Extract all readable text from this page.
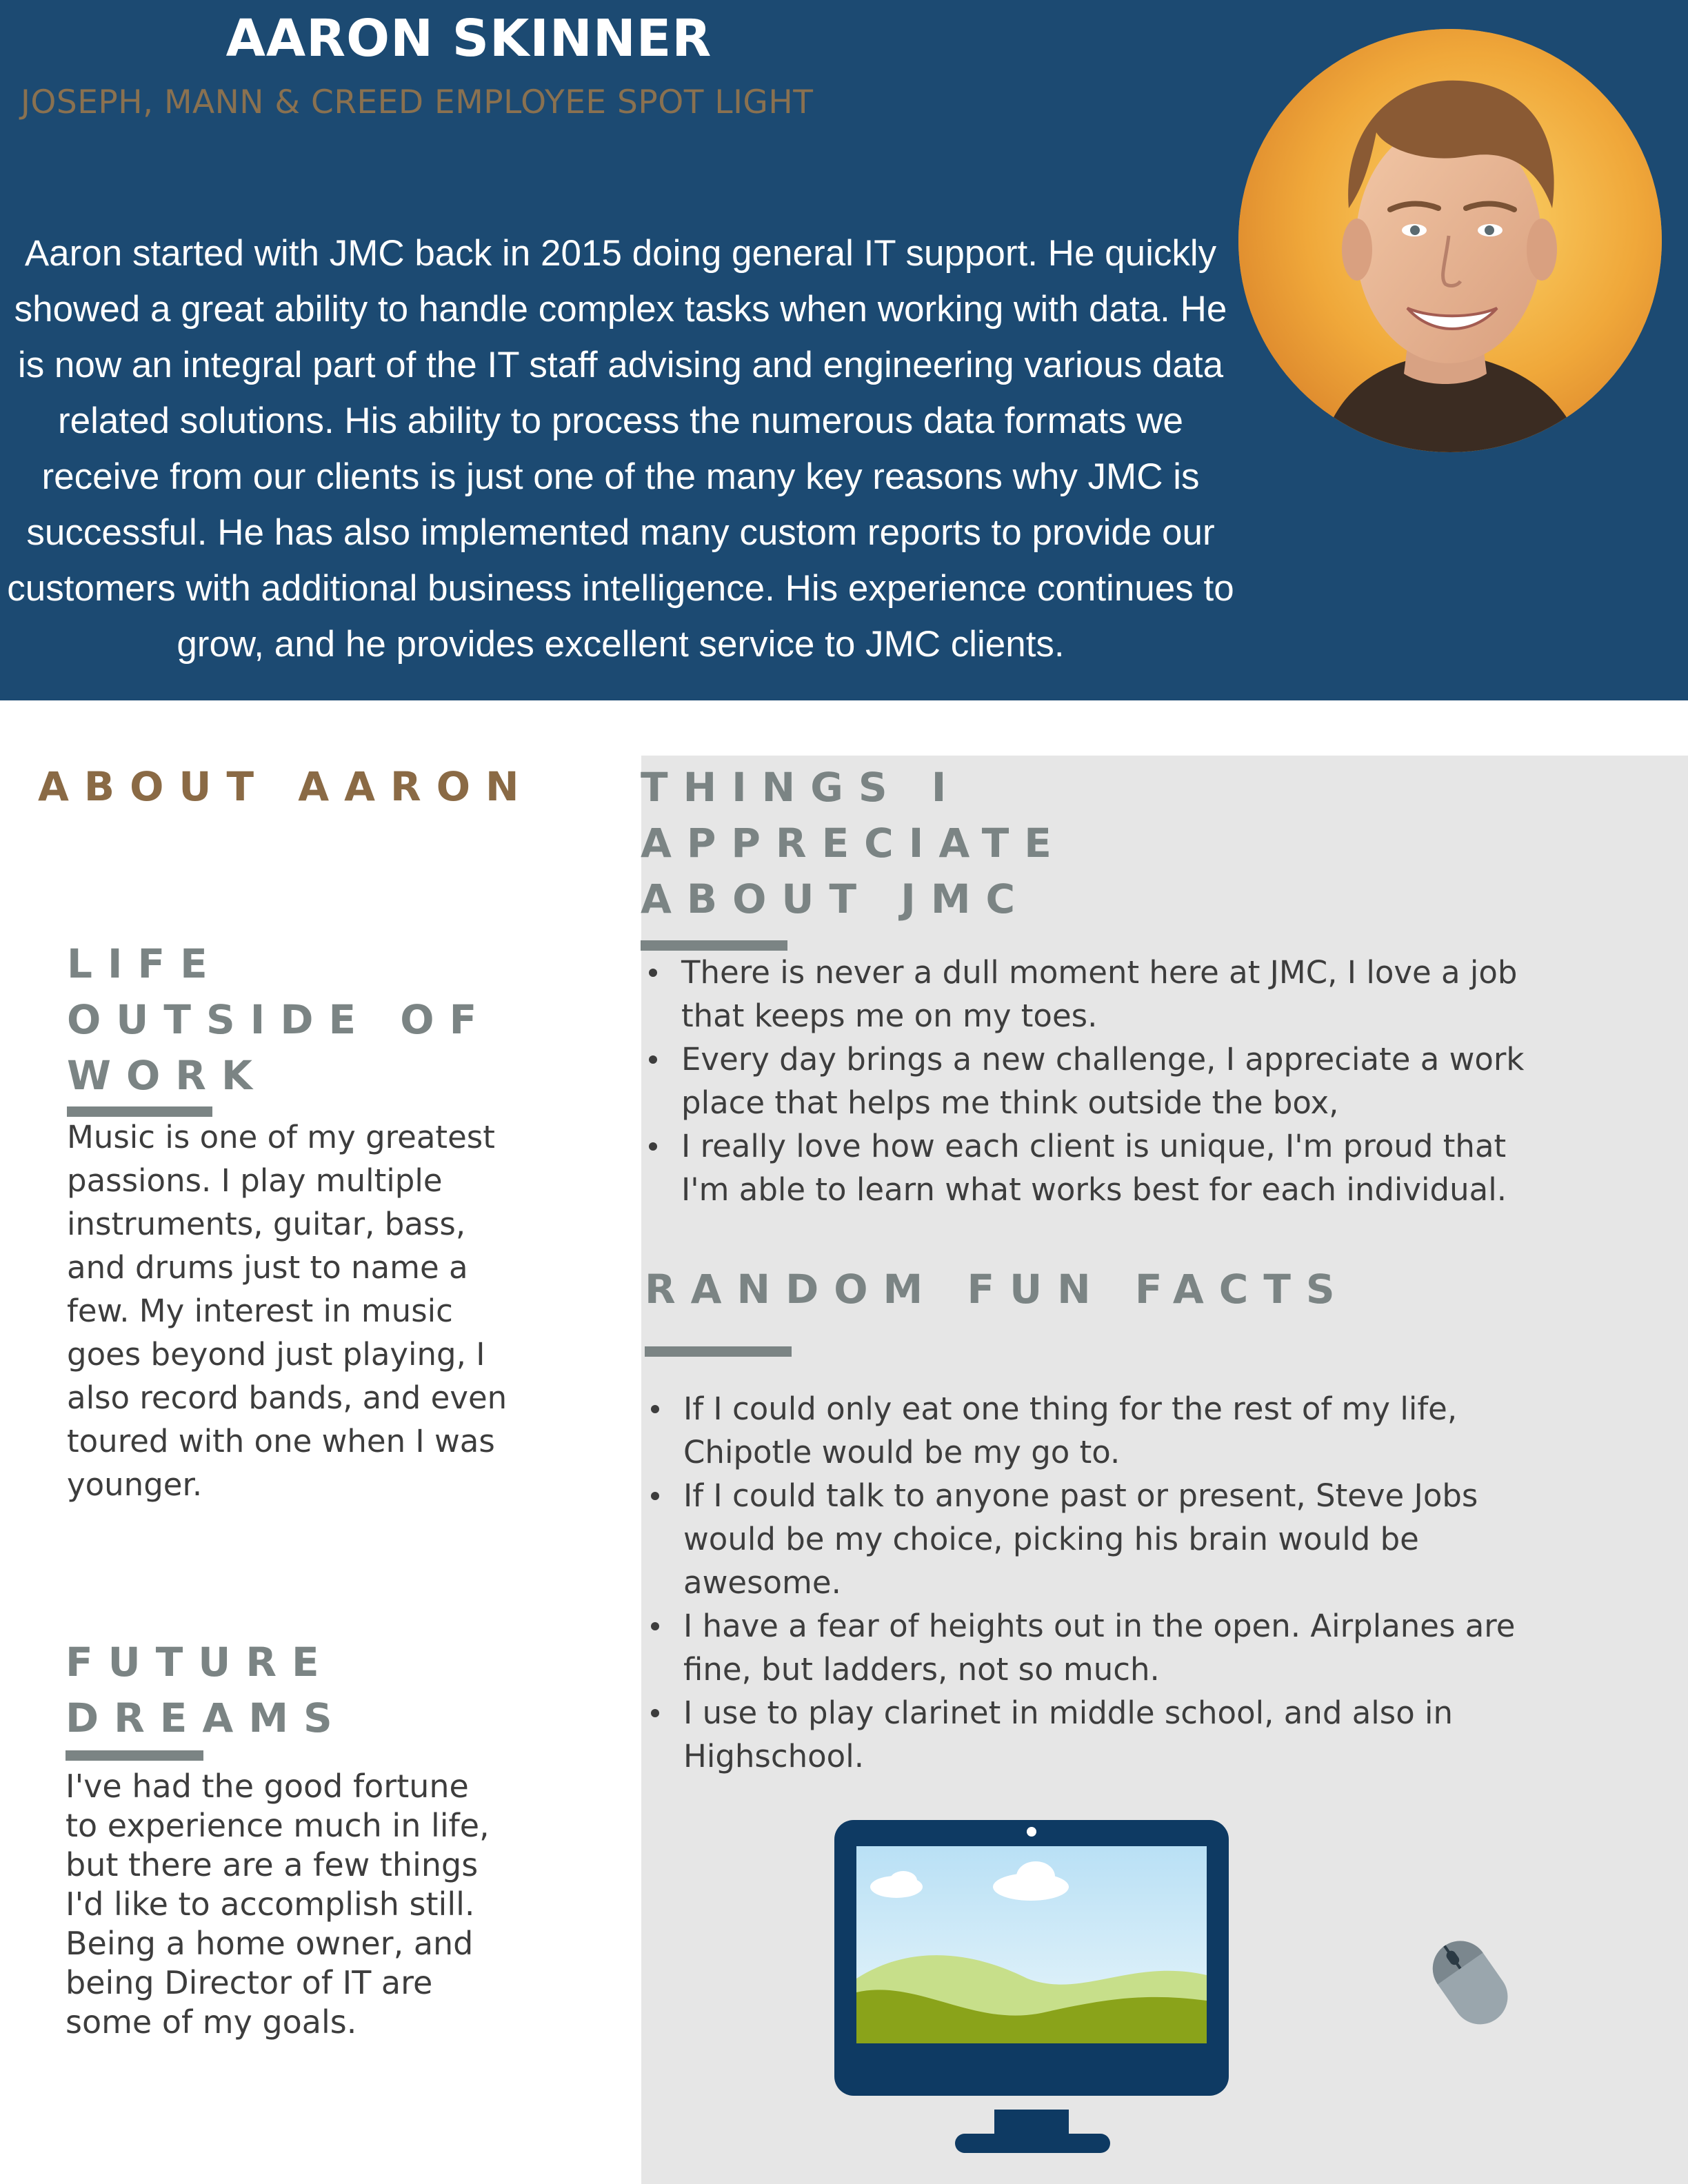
AARON SKINNER
JOSEPH, MANN & CREED EMPLOYEE SPOT LIGHT

Aaron started with JMC back in 2015 doing general IT support. He quickly showed a great ability to handle complex tasks when working with data. He is now an integral part of the IT staff advising and engineering various data related solutions. His ability to process the numerous data formats we receive from our clients is just one of the many key reasons why JMC is successful. He has also implemented many custom reports to provide our customers with additional business intelligence. His experience continues to grow, and he provides excellent service to JMC clients.

ABOUT AARON
LIFE OUTSIDE OF WORK

Music is one of my greatest passions. I play multiple instruments, guitar, bass, and drums just to name a few. My interest in music goes beyond just playing, I also record bands, and even toured with one when I was younger.

FUTURE DREAMS

I've had the good fortune to experience much in life, but there are a few things I'd like to accomplish still. Being a home owner, and being Director of IT are some of my goals.

THINGS I APPRECIATE ABOUT JMC
There is never a dull moment here at JMC, I love a job that keeps me on my toes.
Every day brings a new challenge, I appreciate a work place that helps me think outside the box,
I really love how each client is unique, I'm proud that I'm able to learn what works best for each individual.
RANDOM FUN FACTS
If I could only eat one thing for the rest of my life, Chipotle would be my go to.
If I could talk to anyone past or present, Steve Jobs would be my choice, picking his brain would be awesome.
I have a fear of heights out in the open. Airplanes are fine, but ladders, not so much.
I use to play clarinet in middle school, and also in Highschool.
